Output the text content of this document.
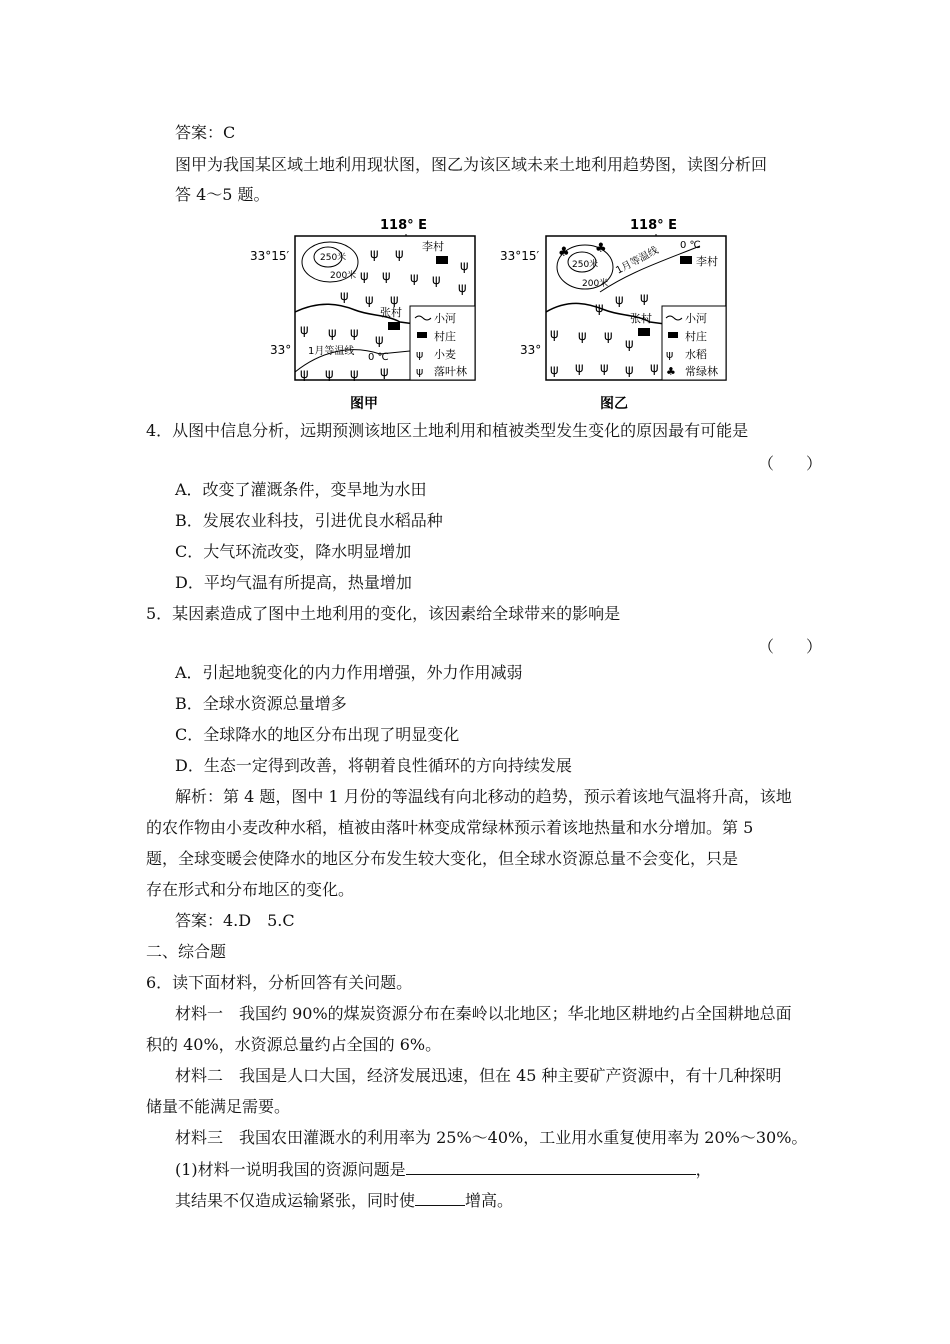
答案：C
图甲为我国某区域土地利用现状图，图乙为该区域未来土地利用趋势图，读图分析回
答 4～5 题。
118° E
33°15′
33°
250米
200米
1月等温线
0 ℃
李村
张村	小河
村庄
ψ 小麦
ψ 落叶林
ψ ψ
ψ
ψ ψ ψ ψ
ψ
ψ ψ ψ
ψ ψ ψ ψ
ψ ψ ψ ψ
图甲
118° E
33°15′
33°
250米
200米
1月等温线 0 ℃
李村
张村	小河
村庄
ψ 水稻
♣ 常绿林
♣ ♣
ψ ψ
ψ
ψ ψ ψ
ψ
ψ ψ ψ ψ ψ
图乙
4．从图中信息分析，远期预测该地区土地利用和植被类型发生变化的原因最有可能是
（　　）
A．改变了灌溉条件，变旱地为水田
B．发展农业科技，引进优良水稻品种
C．大气环流改变，降水明显增加
D．平均气温有所提高，热量增加
5．某因素造成了图中土地利用的变化，该因素给全球带来的影响是
（　　）
A．引起地貌变化的内力作用增强，外力作用减弱
B．全球水资源总量增多
C．全球降水的地区分布出现了明显变化
D．生态一定得到改善，将朝着良性循环的方向持续发展
解析：第 4 题，图中 1 月份的等温线有向北移动的趋势，预示着该地气温将升高，该地
的农作物由小麦改种水稻，植被由落叶林变成常绿林预示着该地热量和水分增加。第 5
题，全球变暖会使降水的地区分布发生较大变化，但全球水资源总量不会变化，只是
存在形式和分布地区的变化。
答案：4.D　5.C
二、综合题
6．读下面材料，分析回答有关问题。
材料一　我国约 90%的煤炭资源分布在秦岭以北地区；华北地区耕地约占全国耕地总面
积的 40%，水资源总量约占全国的 6%。
材料二　我国是人口大国，经济发展迅速，但在 45 种主要矿产资源中，有十几种探明
储量不能满足需要。
材料三　我国农田灌溉水的利用率为 25%～40%，工业用水重复使用率为 20%～30%。
(1)材料一说明我国的资源问题是	，
其结果不仅造成运输紧张，同时使	增高。
